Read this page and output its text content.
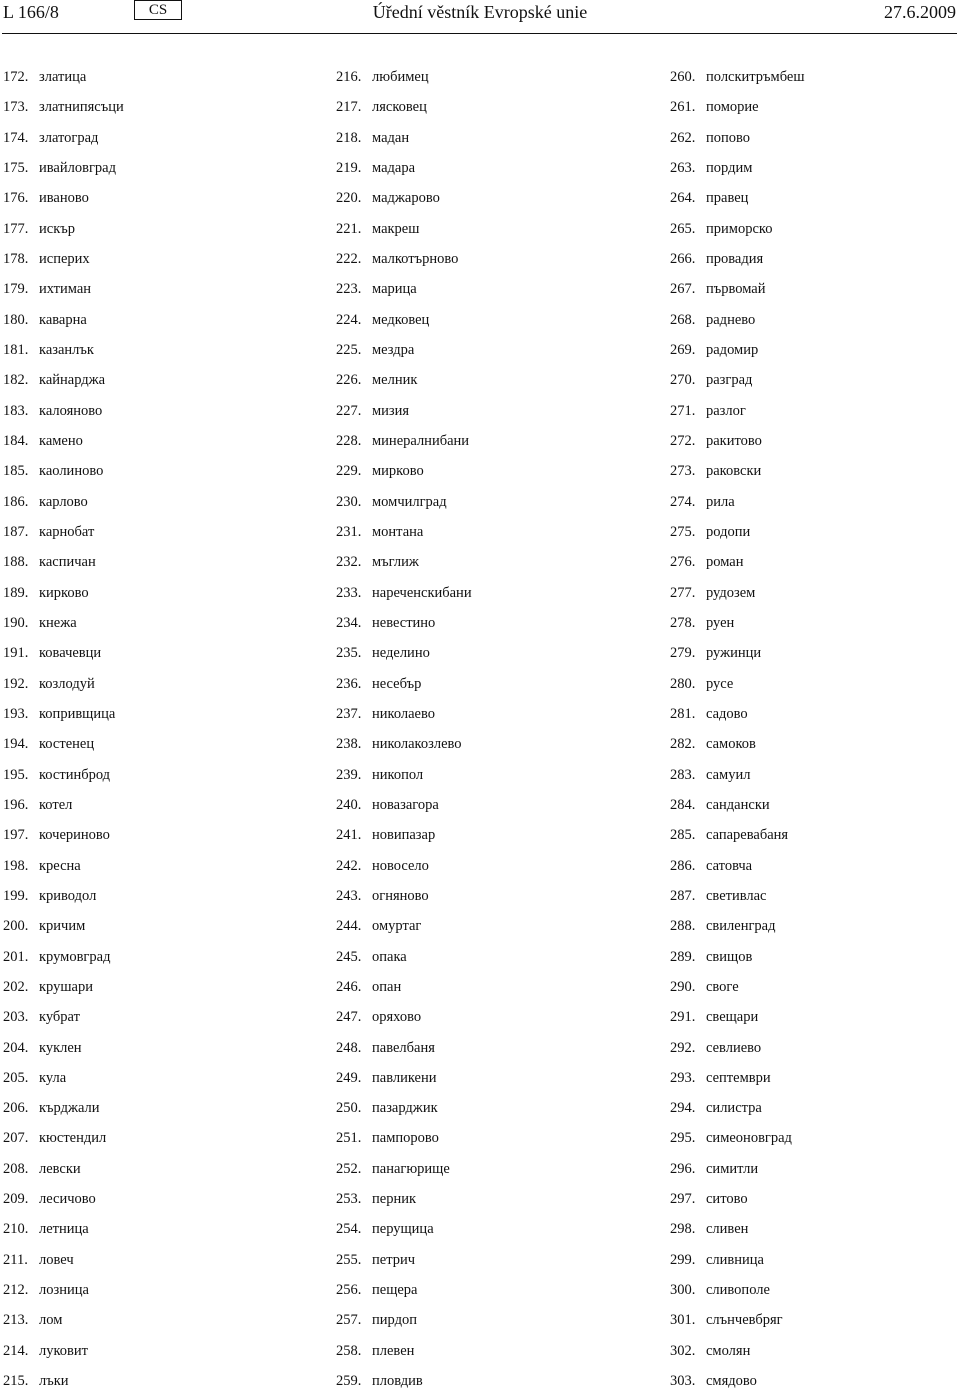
L 166/8	CS	Úřední věstník Evropské unie	27.6.2009
172. златица
173. златнипясъци
174. златоград
175. ивайловград
176. иваново
177. искър
178. исперих
179. ихтиман
180. каварна
181. казанлък
182. кайнарджа
183. калояново
184. камено
185. каолиново
186. карлово
187. карнобат
188. каспичан
189. кирково
190. кнежа
191. ковачевци
192. козлодуй
193. копривщица
194. костенец
195. костинброд
196. котел
197. кочериново
198. кресна
199. криводол
200. кричим
201. крумовград
202. крушари
203. кубрат
204. куклен
205. кула
206. кърджали
207. кюстендил
208. левски
209. лесичово
210. летница
211. ловеч
212. лозница
213. лом
214. луковит
215. лъки
216. любимец
217. лясковец
218. мадан
219. мадара
220. маджарово
221. макреш
222. малкотърново
223. марица
224. медковец
225. мездра
226. мелник
227. мизия
228. минералнибани
229. мирково
230. момчилград
231. монтана
232. мъглиж
233. нареченскибани
234. невестино
235. неделино
236. несебър
237. николаево
238. николакозлево
239. никопол
240. новазагора
241. новипазар
242. новосело
243. огняново
244. омуртаг
245. опака
246. опан
247. оряхово
248. павелбаня
249. павликени
250. пазарджик
251. пампорово
252. панагюрище
253. перник
254. перущица
255. петрич
256. пещера
257. пирдоп
258. плевен
259. пловдив
260. полскитръмбеш
261. поморие
262. попово
263. пордим
264. правец
265. приморско
266. провадия
267. първомай
268. раднево
269. радомир
270. разград
271. разлог
272. ракитово
273. раковски
274. рила
275. родопи
276. роман
277. рудозем
278. руен
279. ружинци
280. русе
281. садово
282. самоков
283. самуил
284. сандански
285. сапаревабаня
286. сатовча
287. светивлас
288. свиленград
289. свищов
290. своге
291. свещари
292. севлиево
293. септември
294. силистра
295. симеоновград
296. симитли
297. ситово
298. сливен
299. сливница
300. сливополе
301. слънчевбряг
302. смолян
303. смядово
